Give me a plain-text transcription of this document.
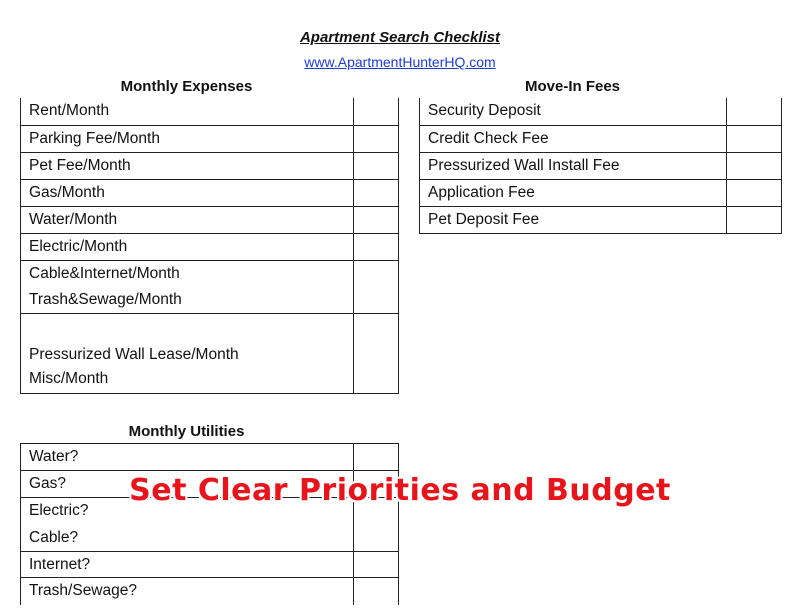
Apartment Search Checklist
www.ApartmentHunterHQ.com
Monthly Expenses
Rent/Month	
Parking Fee/Month	
Pet Fee/Month	
Gas/Month	
Water/Month	
Electric/Month	
Cable&Internet/Month	
Trash&Sewage/Month	
Pressurized Wall Lease/Month	
Misc/Month	
Move-In Fees
Security Deposit	
Credit Check Fee	
Pressurized Wall Install Fee	
Application Fee	
Pet Deposit Fee	
Monthly Utilities
Water?	
Gas?	
Electric?	
Cable?	
Internet?	
Trash/Sewage?	
Set Clear Priorities and Budget
